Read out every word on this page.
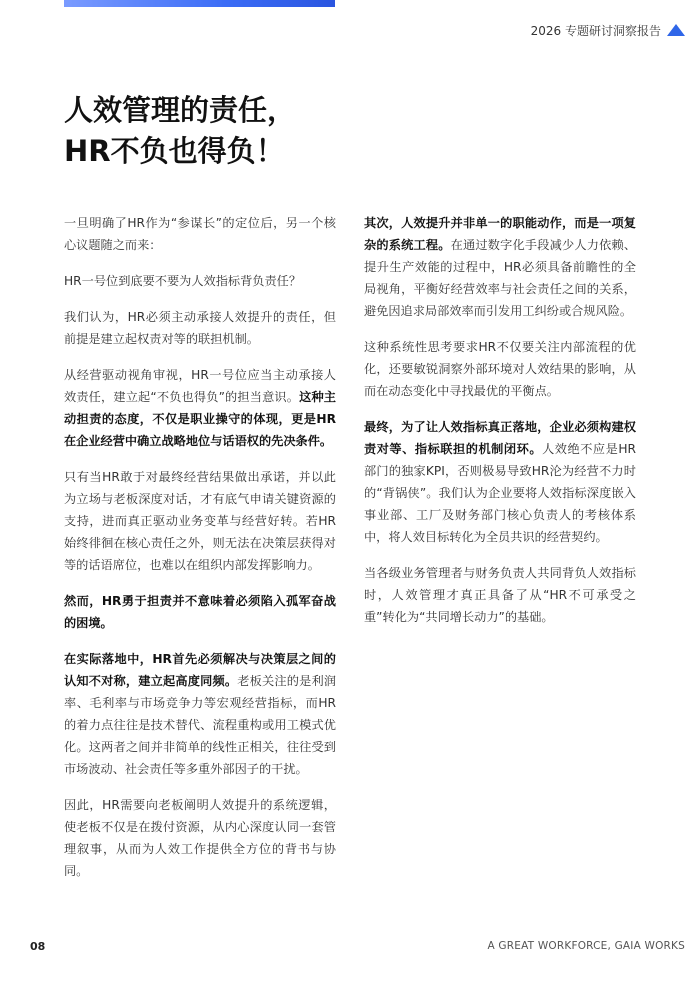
2026 专题研讨洞察报告
人效管理的责任，
HR不负也得负！

一旦明确了HR作为“参谋长”的定位后，另一个核心议题随之而来：

HR一号位到底要不要为人效指标背负责任？

我们认为，HR必须主动承接人效提升的责任，但前提是建立起权责对等的联担机制。

从经营驱动视角审视，HR一号位应当主动承接人效责任，建立起“不负也得负”的担当意识。这种主动担责的态度，不仅是职业操守的体现，更是HR在企业经营中确立战略地位与话语权的先决条件。

只有当HR敢于对最终经营结果做出承诺，并以此为立场与老板深度对话，才有底气申请关键资源的支持，进而真正驱动业务变革与经营好转。若HR始终徘徊在核心责任之外，则无法在决策层获得对等的话语席位，也难以在组织内部发挥影响力。

然而，HR勇于担责并不意味着必须陷入孤军奋战的困境。

在实际落地中，HR首先必须解决与决策层之间的认知不对称，建立起高度同频。老板关注的是利润率、毛利率与市场竞争力等宏观经营指标，而HR的着力点往往是技术替代、流程重构或用工模式优化。这两者之间并非简单的线性正相关，往往受到市场波动、社会责任等多重外部因子的干扰。

因此，HR需要向老板阐明人效提升的系统逻辑，使老板不仅是在拨付资源，从内心深度认同一套管理叙事，从而为人效工作提供全方位的背书与协同。

其次，人效提升并非单一的职能动作，而是一项复杂的系统工程。在通过数字化手段减少人力依赖、提升生产效能的过程中，HR必须具备前瞻性的全局视角，平衡好经营效率与社会责任之间的关系，避免因追求局部效率而引发用工纠纷或合规风险。

这种系统性思考要求HR不仅要关注内部流程的优化，还要敏锐洞察外部环境对人效结果的影响，从而在动态变化中寻找最优的平衡点。

最终，为了让人效指标真正落地，企业必须构建权责对等、指标联担的机制闭环。人效绝不应是HR部门的独家KPI，否则极易导致HR沦为经营不力时的“背锅侠”。我们认为企业要将人效指标深度嵌入事业部、工厂及财务部门核心负责人的考核体系中，将人效目标转化为全员共识的经营契约。

当各级业务管理者与财务负责人共同背负人效指标时，人效管理才真正具备了从“HR不可承受之重”转化为“共同增长动力”的基础。

08	A GREAT WORKFORCE, GAIA WORKS
